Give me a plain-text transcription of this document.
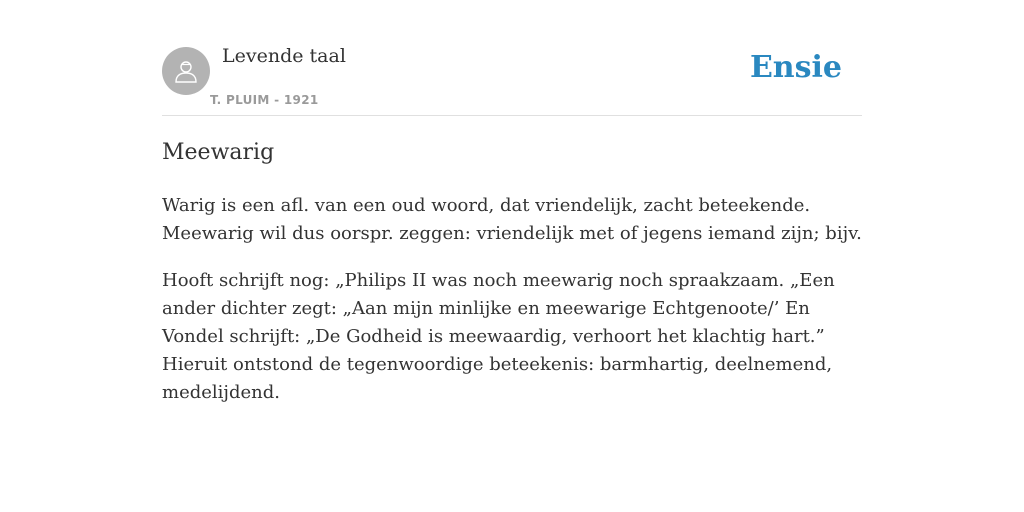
Levende taal
T. PLUIM - 1921
Ensie
Meewarig
Warig is een afl. van een oud woord, dat vriendelijk, zacht beteekende. Meewarig wil dus oorspr. zeggen: vriendelijk met of jegens iemand zijn; bijv.
Hooft schrijft nog: „Philips II was noch meewarig noch spraakzaam. „Een ander dichter zegt: „Aan mijn minlijke en meewarige Echtgenoote/’ En Vondel schrijft: „De Godheid is meewaardig, verhoort het klachtig hart.” Hieruit ontstond de tegenwoordige beteekenis: barmhartig, deelnemend, medelijdend.
